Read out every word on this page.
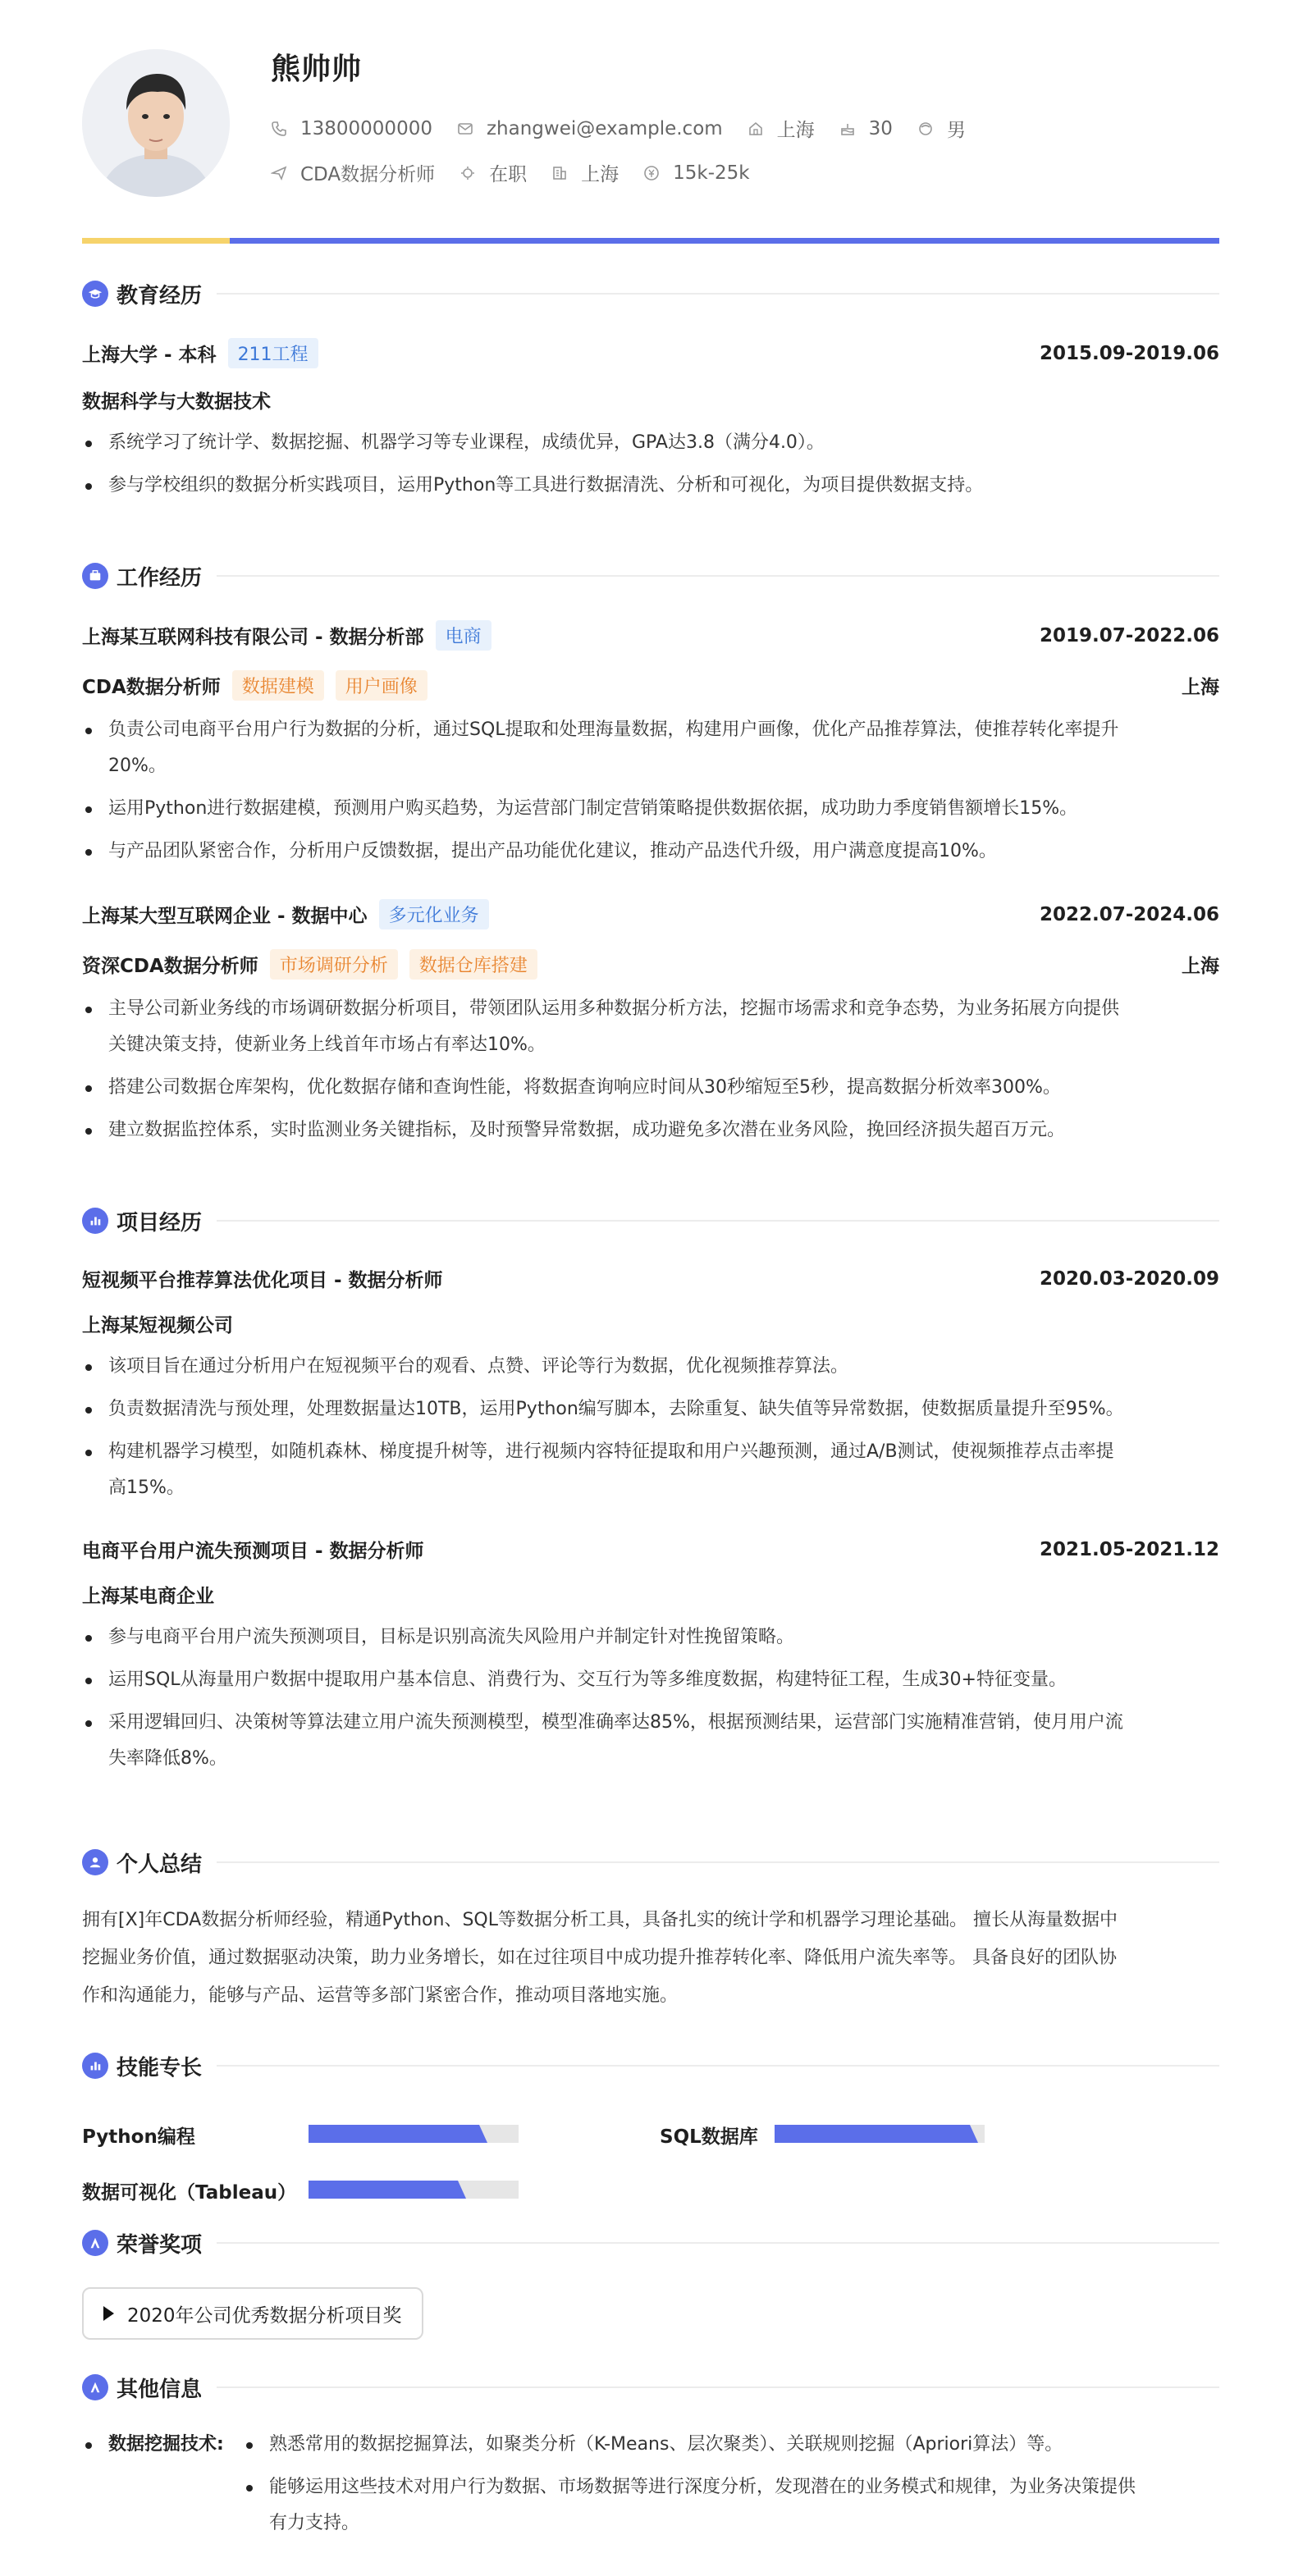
熊帅帅
13800000000	zhangwei@example.com	上海	30	男
CDA数据分析师	在职	上海	15k-25k
教育经历
上海大学 - 本科	211工程	2015.09-2019.06
数据科学与大数据技术
系统学习了统计学、数据挖掘、机器学习等专业课程，成绩优异，GPA达3.8（满分4.0）。
参与学校组织的数据分析实践项目，运用Python等工具进行数据清洗、分析和可视化，为项目提供数据支持。
工作经历
上海某互联网科技有限公司 - 数据分析部	电商	2019.07-2022.06
CDA数据分析师	数据建模	用户画像	上海
负责公司电商平台用户行为数据的分析，通过SQL提取和处理海量数据，构建用户画像，优化产品推荐算法，使推荐转化率提升
20%。
运用Python进行数据建模，预测用户购买趋势，为运营部门制定营销策略提供数据依据，成功助力季度销售额增长15%。
与产品团队紧密合作，分析用户反馈数据，提出产品功能优化建议，推动产品迭代升级，用户满意度提高10%。
上海某大型互联网企业 - 数据中心	多元化业务	2022.07-2024.06
资深CDA数据分析师	市场调研分析	数据仓库搭建	上海
主导公司新业务线的市场调研数据分析项目，带领团队运用多种数据分析方法，挖掘市场需求和竞争态势，为业务拓展方向提供
关键决策支持，使新业务上线首年市场占有率达10%。
搭建公司数据仓库架构，优化数据存储和查询性能，将数据查询响应时间从30秒缩短至5秒，提高数据分析效率300%。
建立数据监控体系，实时监测业务关键指标，及时预警异常数据，成功避免多次潜在业务风险，挽回经济损失超百万元。
项目经历
短视频平台推荐算法优化项目 - 数据分析师	2020.03-2020.09
上海某短视频公司
该项目旨在通过分析用户在短视频平台的观看、点赞、评论等行为数据，优化视频推荐算法。
负责数据清洗与预处理，处理数据量达10TB，运用Python编写脚本，去除重复、缺失值等异常数据，使数据质量提升至95%。
构建机器学习模型，如随机森林、梯度提升树等，进行视频内容特征提取和用户兴趣预测，通过A/B测试，使视频推荐点击率提
高15%。
电商平台用户流失预测项目 - 数据分析师	2021.05-2021.12
上海某电商企业
参与电商平台用户流失预测项目，目标是识别高流失风险用户并制定针对性挽留策略。
运用SQL从海量用户数据中提取用户基本信息、消费行为、交互行为等多维度数据，构建特征工程，生成30+特征变量。
采用逻辑回归、决策树等算法建立用户流失预测模型，模型准确率达85%，根据预测结果，运营部门实施精准营销，使月用户流
失率降低8%。
个人总结
拥有[X]年CDA数据分析师经验，精通Python、SQL等数据分析工具，具备扎实的统计学和机器学习理论基础。 擅长从海量数据中
挖掘业务价值，通过数据驱动决策，助力业务增长，如在过往项目中成功提升推荐转化率、降低用户流失率等。 具备良好的团队协
作和沟通能力，能够与产品、运营等多部门紧密合作，推动项目落地实施。
技能专长
Python编程	SQL数据库
数据可视化（Tableau）
荣誉奖项
2020年公司优秀数据分析项目奖
其他信息
数据挖掘技术:	熟悉常用的数据挖掘算法，如聚类分析（K-Means、层次聚类）、关联规则挖掘（Apriori算法）等。
能够运用这些技术对用户行为数据、市场数据等进行深度分析，发现潜在的业务模式和规律，为业务决策提供
有力支持。
